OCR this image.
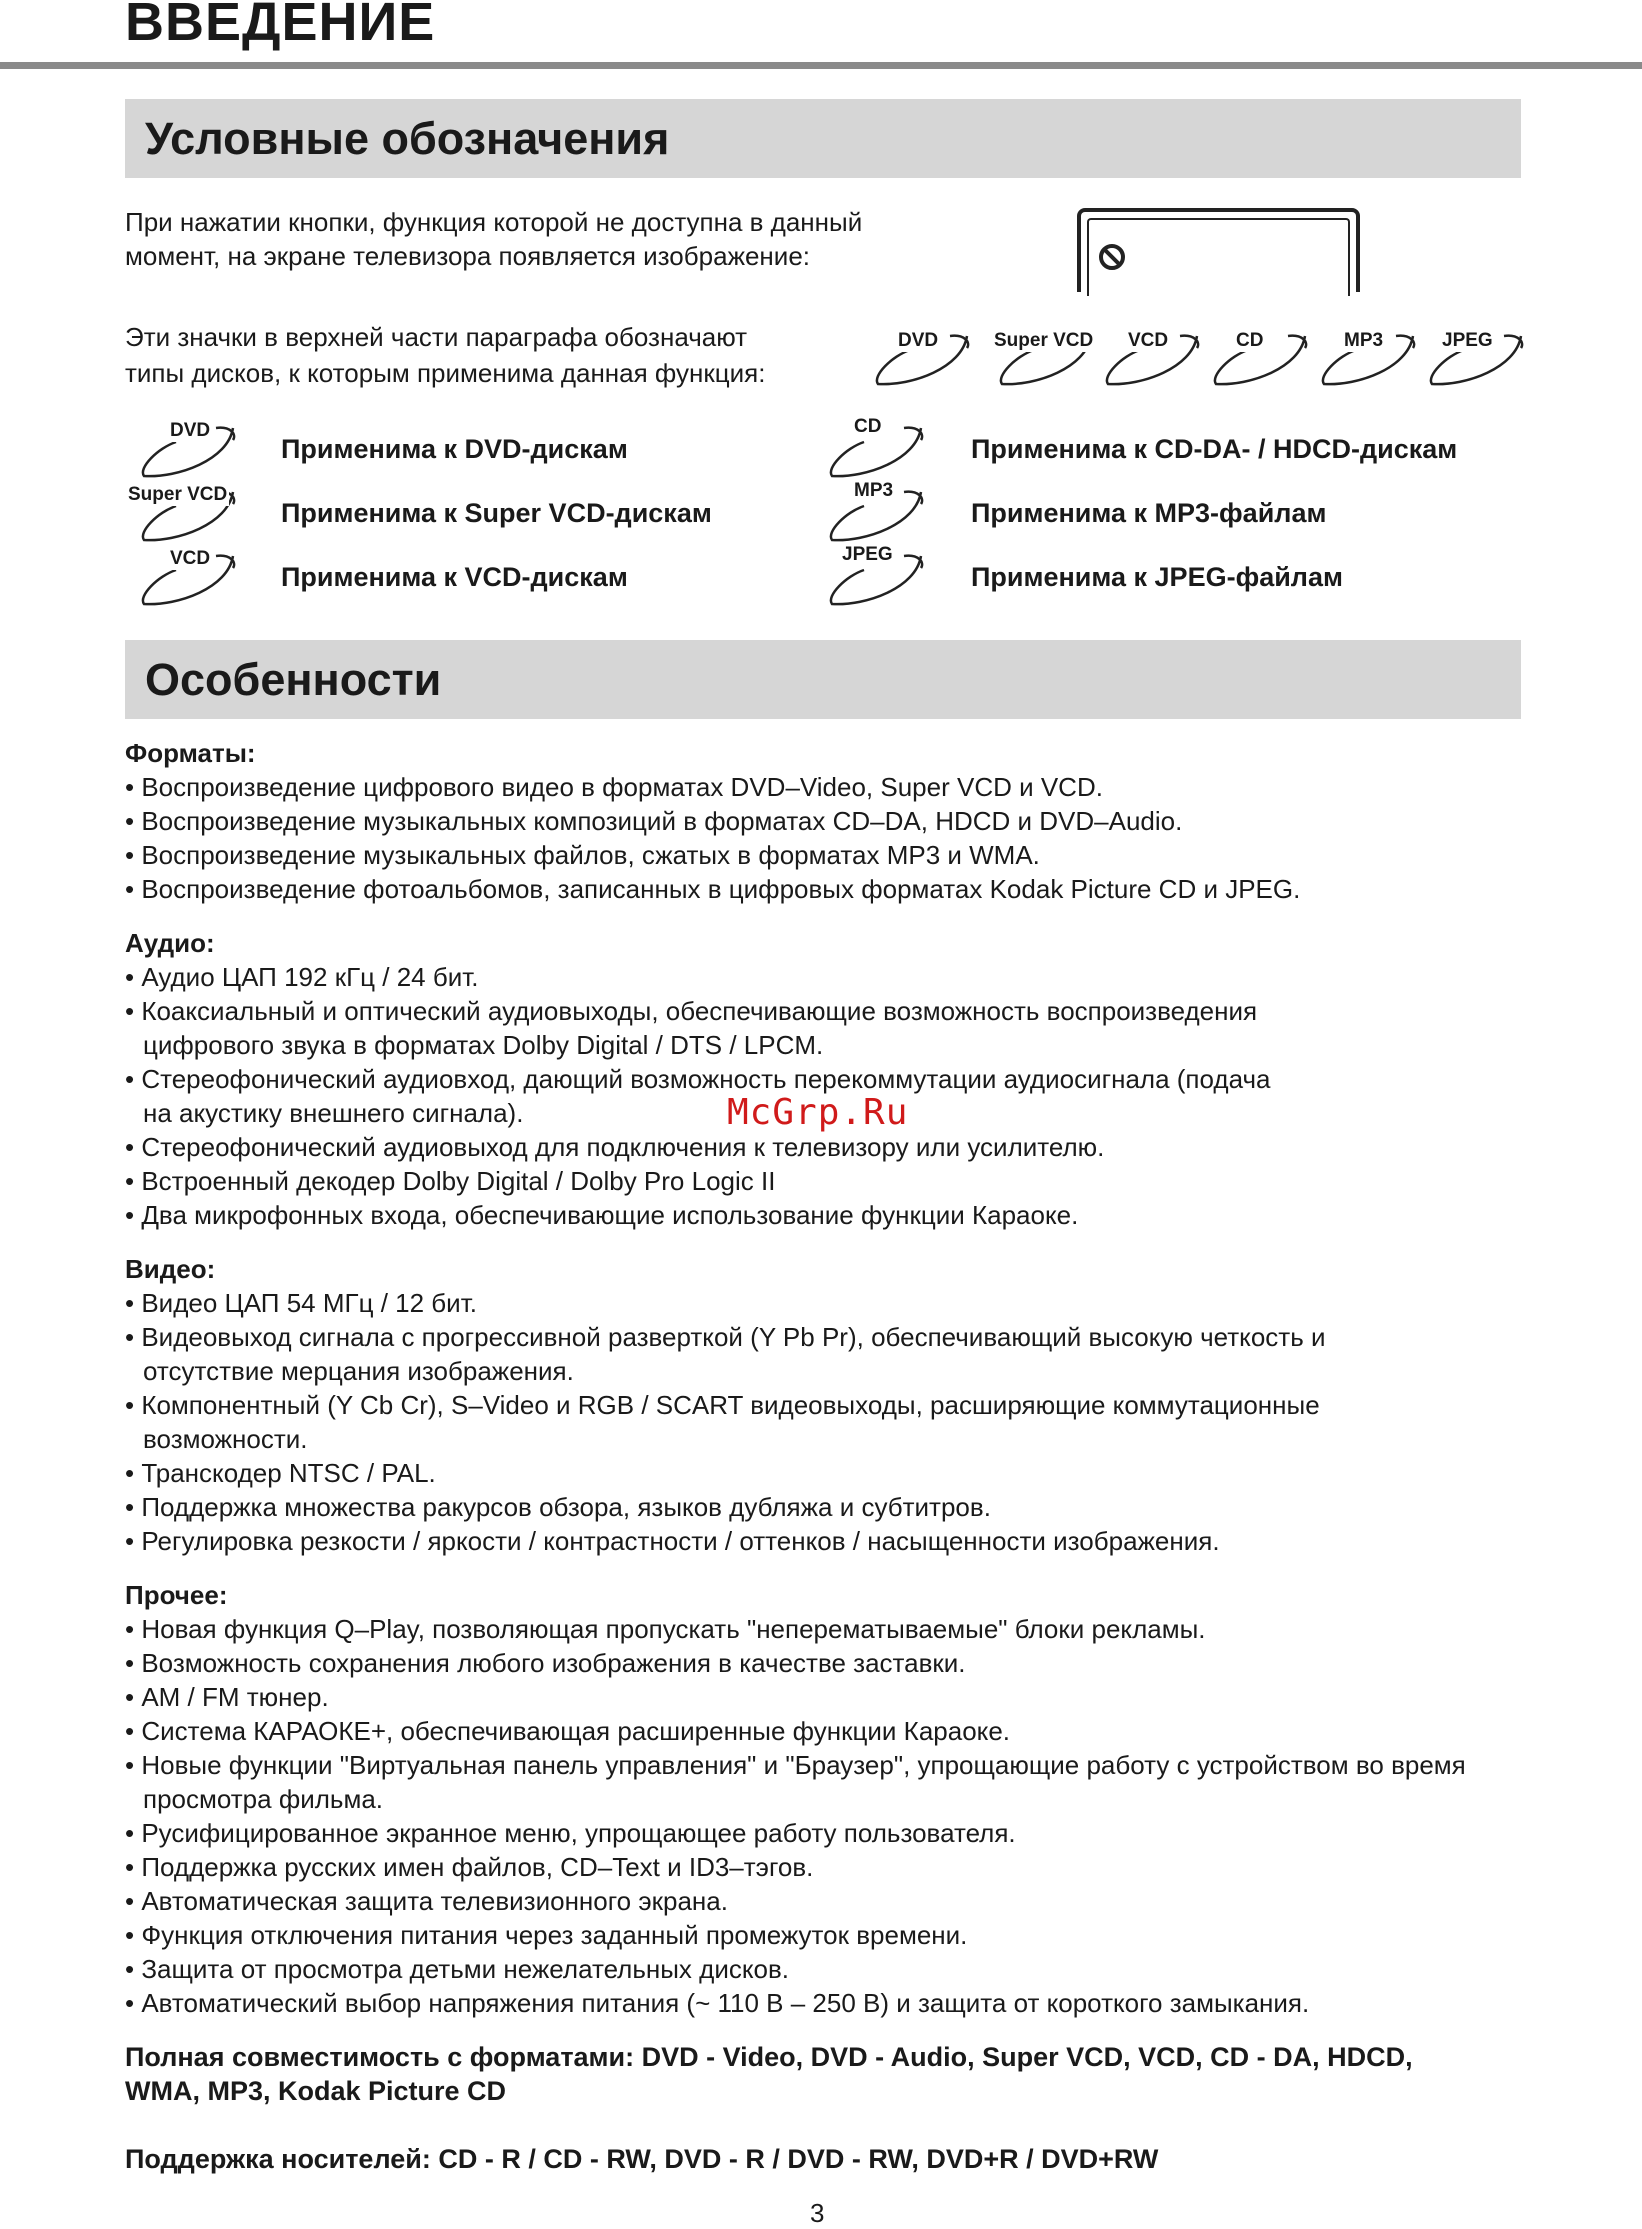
ВВЕДЕНИЕ
Условные обозначения

При нажатии кнопки, функция которой не доступна в данный

момент, на экране телевизора появляется изображение:

Эти значки в верхней части параграфа обозначают

типы дисков, к которым применима данная функция:

DVD	Super VCD VCD	CD	MP3	JPEG
DVD
Применима к DVD-дискам
Super VCD
Применима к Super VCD-дискам
VCD
Применима к VCD-дискам
CD
Применима к CD-DA- / HDCD-дискам
MP3
Применима к MP3-файлам
JPEG
Применима к JPEG-файлам
Особенности
Форматы:
• Воспроизведение цифрового видео в форматах DVD–Video, Super VCD и VCD.
• Воспроизведение музыкальных композиций в форматах CD–DA, HDCD и DVD–Audio.
• Воспроизведение музыкальных файлов, сжатых в форматах MP3 и WMA.
• Воспроизведение фотоальбомов, записанных в цифровых форматах Kodak Picture CD и JPEG.
Аудио:
• Аудио ЦАП 192 кГц / 24 бит.
• Коаксиальный и оптический аудиовыходы, обеспечивающие возможность воспроизведения цифрового звука в форматах Dolby Digital / DTS / LPCM.
• Стереофонический аудиовход, дающий возможность перекоммутации аудиосигнала (подача на акустику внешнего сигнала).
• Стереофонический аудиовыход для подключения к телевизору или усилителю.
• Встроенный декодер Dolby Digital / Dolby Pro Logic II
• Два микрофонных входа, обеспечивающие использование функции Караоке.
McGrp.Ru
Видео:
• Видео ЦАП 54 МГц / 12 бит.
• Видеовыход сигнала с прогрессивной разверткой (Y Pb Pr), обеспечивающий высокую четкость и отсутствие мерцания изображения.
• Компонентный (Y Cb Cr), S–Video и RGB / SCART видеовыходы, расширяющие коммутационные возможности.
• Транскодер NTSC / PAL.
• Поддержка множества ракурсов обзора, языков дубляжа и субтитров.
• Регулировка резкости / яркости / контрастности / оттенков / насыщенности изображения.
Прочее:
• Новая функция Q–Play, позволяющая пропускать "неперематываемые" блоки рекламы.
• Возможность сохранения любого изображения в качестве заставки.
• AM / FM тюнер.
• Система КАРАОКЕ+, обеспечивающая расширенные функции Караоке.
• Новые функции "Виртуальная панель управления" и "Браузер", упрощающие работу с устройством во время просмотра фильма.
• Русифицированное экранное меню, упрощающее работу пользователя.
• Поддержка русских имен файлов, CD–Text и ID3–тэгов.
• Автоматическая защита телевизионного экрана.
• Функция отключения питания через заданный промежуток времени.
• Защита от просмотра детьми нежелательных дисков.
• Автоматический выбор напряжения питания (~ 110 В – 250 В) и защита от короткого замыкания.

Полная совместимость с форматами: DVD - Video, DVD - Audio, Super VCD, VCD, CD - DA, HDCD,

WMA, MP3, Kodak Picture CD

Поддержка носителей: CD - R / CD - RW, DVD - R / DVD - RW, DVD+R / DVD+RW

3
